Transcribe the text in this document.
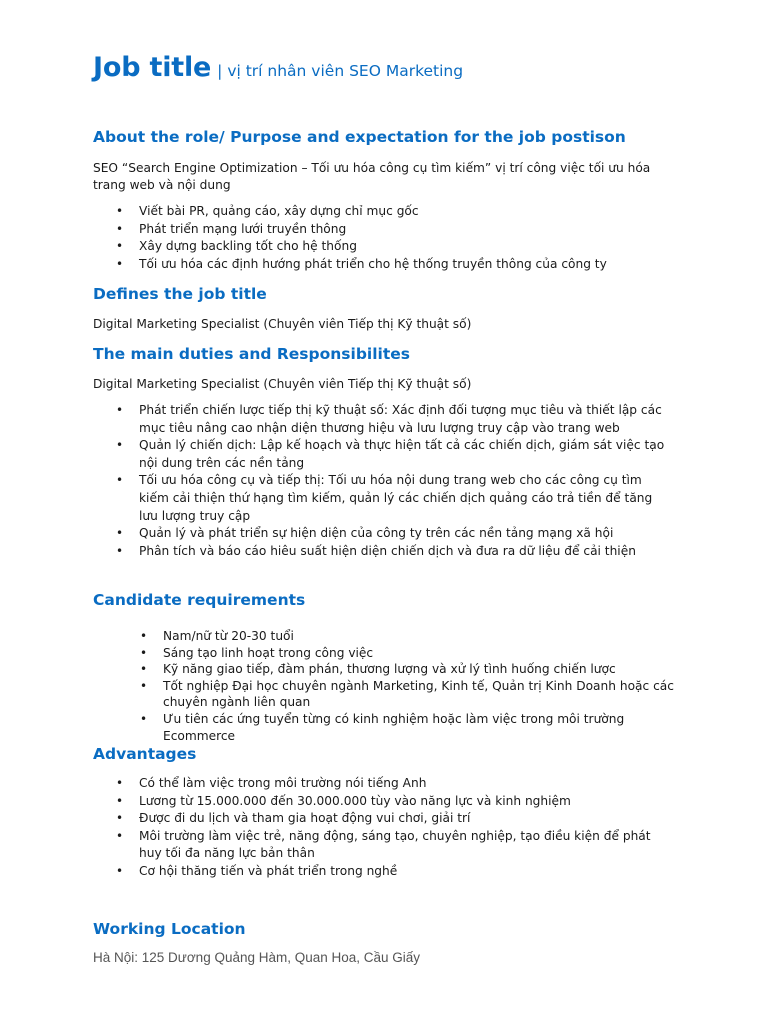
Job title | vị trí nhân viên SEO Marketing
About the role/ Purpose and expectation for the job postison

SEO “Search Engine Optimization – Tối ưu hóa công cụ tìm kiếm” vị trí công việc tối ưu hóa trang web và nội dung

• Viết bài PR, quảng cáo, xây dựng chỉ mục gốc
• Phát triển mạng lưới truyền thông
• Xây dựng backling tốt cho hệ thống
• Tối ưu hóa các định hướng phát triển cho hệ thống truyền thông của công ty
Defines the job title

Digital Marketing Specialist (Chuyên viên Tiếp thị Kỹ thuật số)

The main duties and Responsibilites

Digital Marketing Specialist (Chuyên viên Tiếp thị Kỹ thuật số)

• Phát triển chiến lược tiếp thị kỹ thuật số: Xác định đối tượng mục tiêu và thiết lập các mục tiêu nâng cao nhận diện thương hiệu và lưu lượng truy cập vào trang web
• Quản lý chiến dịch: Lập kế hoạch và thực hiện tất cả các chiến dịch, giám sát việc tạo nội dung trên các nền tảng
• Tối ưu hóa công cụ và tiếp thị: Tối ưu hóa nội dung trang web cho các công cụ tìm kiếm cải thiện thứ hạng tìm kiếm, quản lý các chiến dịch quảng cáo trả tiền để tăng lưu lượng truy cập
• Quản lý và phát triển sự hiện diện của công ty trên các nền tảng mạng xã hội
• Phân tích và báo cáo hiêu suất hiện diện chiến dịch và đưa ra dữ liệu để cải thiện
Candidate requirements
• Nam/nữ từ 20-30 tuổi
• Sáng tạo linh hoạt trong công việc
• Kỹ năng giao tiếp, đàm phán, thương lượng và xử lý tình huống chiến lược
• Tốt nghiệp Đại học chuyên ngành Marketing, Kinh tế, Quản trị Kinh Doanh hoặc các chuyên ngành liên quan
• Ưu tiên các ứng tuyển từng có kinh nghiệm hoặc làm việc trong môi trường Ecommerce
Advantages
• Có thể làm việc trong môi trường nói tiếng Anh
• Lương từ 15.000.000 đến 30.000.000 tùy vào năng lực và kinh nghiệm
• Được đi du lịch và tham gia hoạt động vui chơi, giải trí
• Môi trường làm việc trẻ, năng động, sáng tạo, chuyên nghiệp, tạo điều kiện để phát huy tối đa năng lực bản thân
• Cơ hội thăng tiến và phát triển trong nghề
Working Location

Hà Nội: 125 Dương Quảng Hàm, Quan Hoa, Cầu Giấy
